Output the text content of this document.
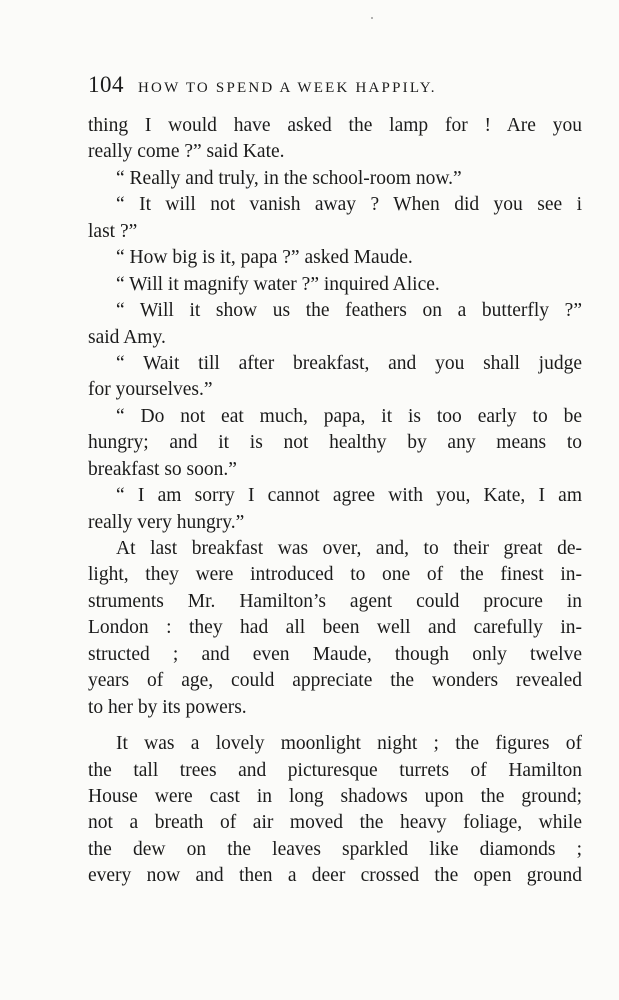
104 HOW TO SPEND A WEEK HAPPILY.
thing I would have asked the lamp for ! Are you
really come ?” said Kate.
“ Really and truly, in the school-room now.”
“ It will not vanish away ? When did you see i
last ?”
“ How big is it, papa ?” asked Maude.
“ Will it magnify water ?” inquired Alice.
“ Will it show us the feathers on a butterfly ?”
said Amy.
“ Wait till after breakfast, and you shall judge
for yourselves.”
“ Do not eat much, papa, it is too early to be
hungry; and it is not healthy by any means to
breakfast so soon.”
“ I am sorry I cannot agree with you, Kate, I am
really very hungry.”
At last breakfast was over, and, to their great de-
light, they were introduced to one of the finest in-
struments Mr. Hamilton’s agent could procure in
London : they had all been well and carefully in-
structed ; and even Maude, though only twelve
years of age, could appreciate the wonders revealed
to her by its powers.
It was a lovely moonlight night ; the figures of
the tall trees and picturesque turrets of Hamilton
House were cast in long shadows upon the ground;
not a breath of air moved the heavy foliage, while
the dew on the leaves sparkled like diamonds ;
every now and then a deer crossed the open ground
